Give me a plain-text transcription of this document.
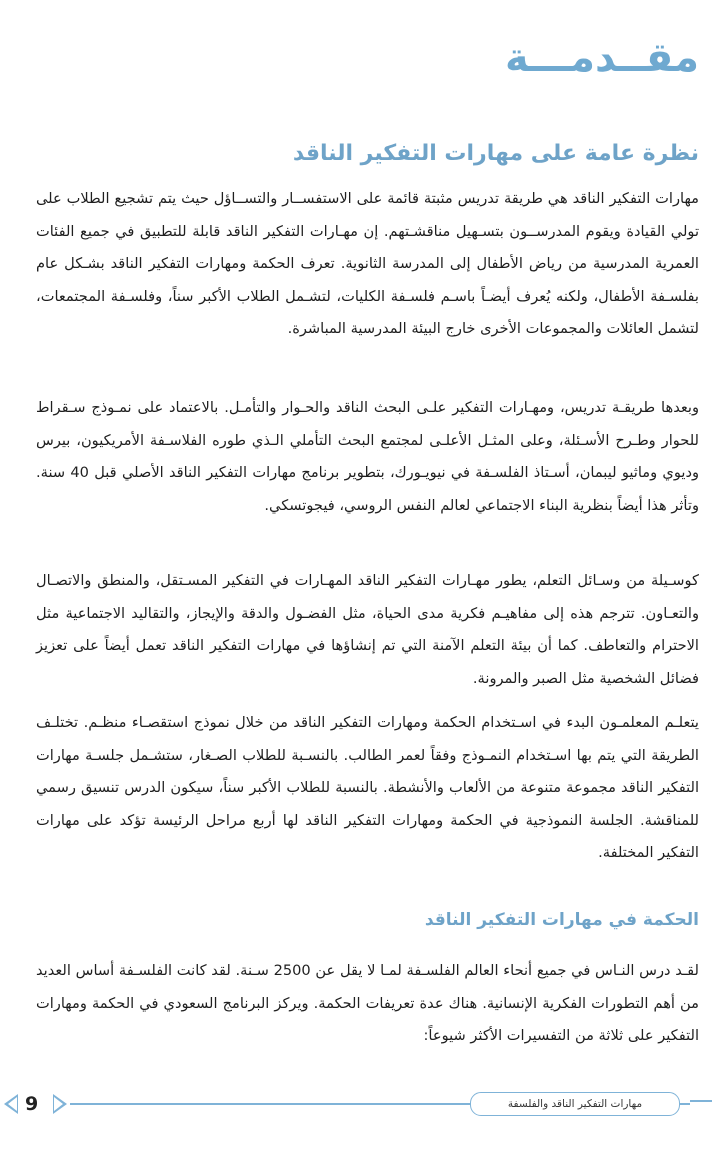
مقــدمـــة
نظرة عامة على مهارات التفكير الناقد

مهارات التفكير الناقد هي طريقة تدريس مثبتة قائمة على الاستفســار والتســاؤل حيث يتم تشجيع الطلاب على تولي القيادة ويقوم المدرســون بتسـهيل مناقشـتهم. إن مهـارات التفكير الناقد قابلة للتطبيق في جميع الفئات العمرية المدرسية من رياض الأطفال إلى المدرسة الثانوية. تعرف الحكمة ومهارات التفكير الناقد بشـكل عام بفلسـفة الأطفال، ولكنه يُعرف أيضـاً باسـم فلسـفة الكليات، لتشـمل الطلاب الأكبر سناً، وفلسـفة المجتمعات، لتشمل العائلات والمجموعات الأخرى خارج البيئة المدرسية المباشرة.

وبعدها طريقـة تدريس، ومهـارات التفكير علـى البحث الناقد والحـوار والتأمـل. بالاعتماد على نمـوذج سـقراط للحوار وطـرح الأسـئلة، وعلى المثـل الأعلـى لمجتمع البحث التأملي الـذي طوره الفلاسـفة الأمريكيون، بيرس وديوي وماثيو ليبمان، أسـتاذ الفلسـفة في نيويـورك، بتطوير برنامج مهارات التفكير الناقد الأصلي قبل 40 سنة. وتأثر هذا أيضاً بنظرية البناء الاجتماعي لعالم النفس الروسي، فيجوتسكي.

كوسـيلة من وسـائل التعلم، يطور مهـارات التفكير الناقد المهـارات في التفكير المسـتقل، والمنطق والاتصـال والتعـاون. تترجم هذه إلى مفاهيـم فكرية مدى الحياة، مثل الفضـول والدقة والإيجاز، والتقاليد الاجتماعية مثل الاحترام والتعاطف. كما أن بيئة التعلم الآمنة التي تم إنشاؤها في مهارات التفكير الناقد تعمل أيضاً على تعزيز فضائل الشخصية مثل الصبر والمرونة.

يتعلـم المعلمـون البدء في اسـتخدام الحكمة ومهارات التفكير الناقد من خلال نموذج استقصـاء منظـم. تختلـف الطريقة التي يتم بها اسـتخدام النمـوذج وفقاً لعمر الطالب. بالنسـبة للطلاب الصـغار، ستشـمل جلسـة مهارات التفكير الناقد مجموعة متنوعة من الألعاب والأنشطة. بالنسبة للطلاب الأكبر سناً، سيكون الدرس تنسيق رسمي للمناقشة. الجلسة النموذجية في الحكمة ومهارات التفكير الناقد لها أربع مراحل الرئيسة تؤكد على مهارات التفكير المختلفة.

الحكمة في مهارات التفكير الناقد

لقـد درس النـاس في جميع أنحاء العالم الفلسـفة لمـا لا يقل عن 2500 سـنة. لقد كانت الفلسـفة أساس العديد من أهم التطورات الفكرية الإنسانية. هناك عدة تعريفات الحكمة. ويركز البرنامج السعودي في الحكمة ومهارات التفكير على ثلاثة من التفسيرات الأكثر شيوعاً:

9	مهارات التفكير الناقد والفلسفة
